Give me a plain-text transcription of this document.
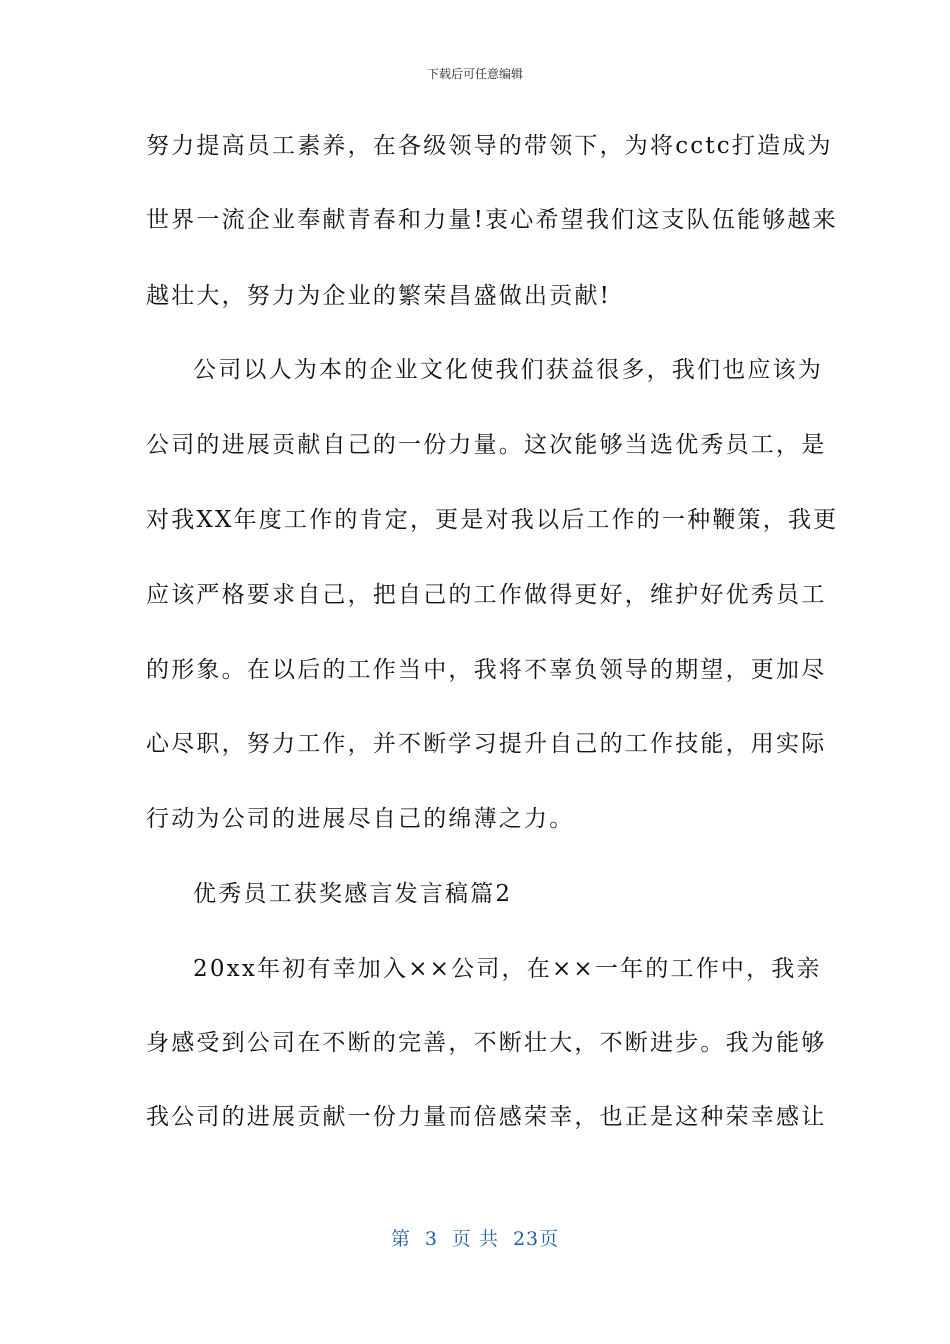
下载后可任意编辑
努力提高员工素养，在各级领导的带领下，为将cctc打造成为
世界一流企业奉献青春和力量!衷心希望我们这支队伍能够越来
越壮大，努力为企业的繁荣昌盛做出贡献!
公司以人为本的企业文化使我们获益很多，我们也应该为
公司的进展贡献自己的一份力量。这次能够当选优秀员工，是
对我XX年度工作的肯定，更是对我以后工作的一种鞭策，我更
应该严格要求自己，把自己的工作做得更好，维护好优秀员工
的形象。在以后的工作当中，我将不辜负领导的期望，更加尽
心尽职，努力工作，并不断学习提升自己的工作技能，用实际
行动为公司的进展尽自己的绵薄之力。
优秀员工获奖感言发言稿篇2
20xx年初有幸加入××公司，在××一年的工作中，我亲
身感受到公司在不断的完善，不断壮大，不断进步。我为能够
我公司的进展贡献一份力量而倍感荣幸，也正是这种荣幸感让
第 3 页 共 23页
